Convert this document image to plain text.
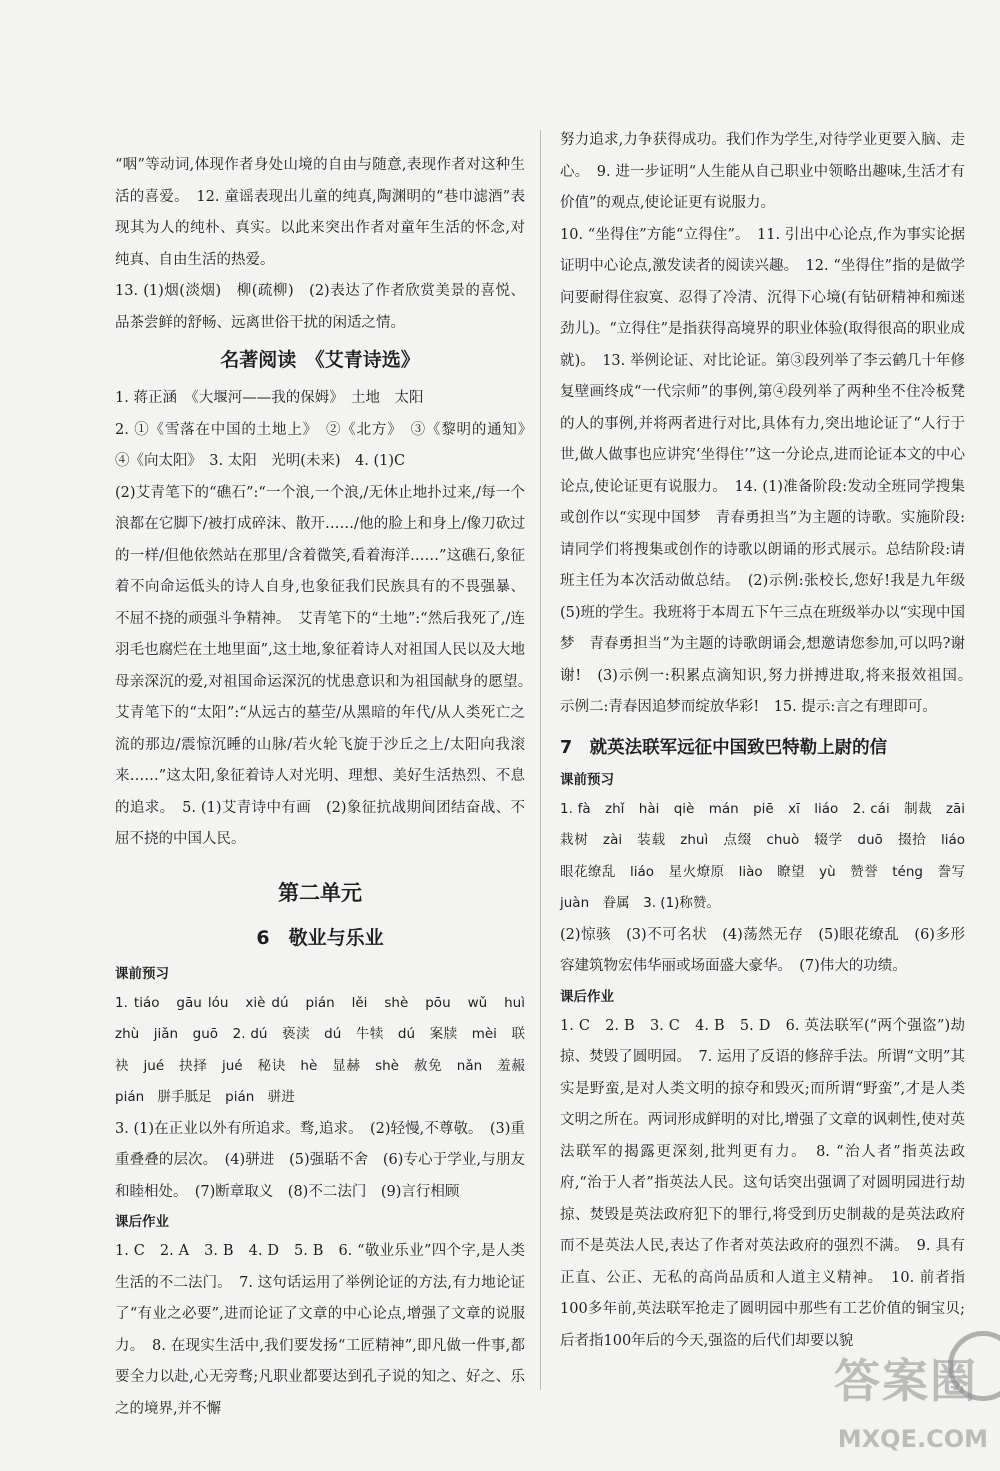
“咽”等动词,体现作者身处山境的自由与随意,表现作者对这种生活的喜爱。　12. 童谣表现出儿童的纯真,陶渊明的“巷巾滤酒”表现其为人的纯朴、真实。以此来突出作者对童年生活的怀念,对纯真、自由生活的热爱。

13. (1)烟(淡烟)　柳(疏柳)　(2)表达了作者欣赏美景的喜悦、品茶尝鲜的舒畅、远离世俗干扰的闲适之情。

名著阅读　《艾青诗选》

1. 蒋正涵　《大堰河——我的保姆》　土地　太阳

2. ①《雪落在中国的土地上》　②《北方》　③《黎明的通知》　④《向太阳》　3. 太阳　光明(未来)　4. (1)C

(2)艾青笔下的“礁石”:“一个浪,一个浪,/无休止地扑过来,/每一个浪都在它脚下/被打成碎沫、散开……/他的脸上和身上/像刀砍过的一样/但他依然站在那里/含着微笑,看着海洋……”这礁石,象征着不向命运低头的诗人自身,也象征我们民族具有的不畏强暴、不屈不挠的顽强斗争精神。　艾青笔下的“土地”:“然后我死了,/连羽毛也腐烂在土地里面”,这土地,象征着诗人对祖国人民以及大地母亲深沉的爱,对祖国命运深沉的忧患意识和为祖国献身的愿望。　艾青笔下的“太阳”:“从远古的墓茔/从黑暗的年代/从人类死亡之流的那边/震惊沉睡的山脉/若火轮飞旋于沙丘之上/太阳向我滚来……”这太阳,象征着诗人对光明、理想、美好生活热烈、不息的追求。　5. (1)艾青诗中有画　(2)象征抗战期间团结奋战、不屈不挠的中国人民。

第二单元
6　敬业与乐业
课前预习

1. tiáo　gāu lóu　xiè dú　pián　lěi　shè　pōu　wǔ　huì　zhù　jiǎn　guō　2. dú　亵渎　dú　牛犊　dú　案牍　mèi　联袂　jué　抉择　jué　秘诀　hè　显赫　shè　赦免　nǎn　羞赧　pián　胼手胝足　pián　骈进

3. (1)在正业以外有所追求。骛,追求。　(2)轻慢,不尊敬。　(3)重重叠叠的层次。　(4)骈进　(5)强聒不舍　(6)专心于学业,与朋友和睦相处。　(7)断章取义　(8)不二法门　(9)言行相顾

课后作业

1. C　2. A　3. B　4. D　5. B　6. “敬业乐业”四个字,是人类生活的不二法门。　7. 这句话运用了举例论证的方法,有力地论证了“有业之必要”,进而论证了文章的中心论点,增强了文章的说服力。　8. 在现实生活中,我们要发扬“工匠精神”,即凡做一件事,都要全力以赴,心无旁骛;凡职业都要达到孔子说的知之、好之、乐之的境界,并不懈

努力追求,力争获得成功。我们作为学生,对待学业更要入脑、走心。　9. 进一步证明“人生能从自己职业中领略出趣味,生活才有价值”的观点,使论证更有说服力。

10. “坐得住”方能“立得住”。　11. 引出中心论点,作为事实论据证明中心论点,激发读者的阅读兴趣。　12. “坐得住”指的是做学问要耐得住寂寞、忍得了冷清、沉得下心境(有钻研精神和痴迷劲儿)。“立得住”是指获得高境界的职业体验(取得很高的职业成就)。　13. 举例论证、对比论证。第③段列举了李云鹤几十年修复壁画终成“一代宗师”的事例,第④段列举了两种坐不住冷板凳的人的事例,并将两者进行对比,具体有力,突出地论证了“人行于世,做人做事也应讲究‘坐得住’”这一分论点,进而论证本文的中心论点,使论证更有说服力。　14. (1)准备阶段:发动全班同学搜集或创作以“实现中国梦　青春勇担当”为主题的诗歌。实施阶段:请同学们将搜集或创作的诗歌以朗诵的形式展示。总结阶段:请班主任为本次活动做总结。　(2)示例:张校长,您好!我是九年级(5)班的学生。我班将于本周五下午三点在班级举办以“实现中国梦　青春勇担当”为主题的诗歌朗诵会,想邀请您参加,可以吗?谢谢!　(3)示例一:积累点滴知识,努力拼搏进取,将来报效祖国。　示例二:青春因追梦而绽放华彩!　15. 提示:言之有理即可。

7　就英法联军远征中国致巴特勒上尉的信
课前预习

1. fà　zhǐ　hài　qiè　mán　piē　xī　liáo　2. cái　制裁　zāi　栽树　zài　装载　zhuì　点缀　chuò　辍学　duō　掇拾　liáo　眼花缭乱　liáo　星火燎原　liào　瞭望　yù　赞誉　téng　誊写　juàn　眷属　3. (1)称赞。

(2)惊骇　(3)不可名状　(4)荡然无存　(5)眼花缭乱　(6)多形容建筑物宏伟华丽或场面盛大豪华。　(7)伟大的功绩。

课后作业

1. C　2. B　3. C　4. B　5. D　6. 英法联军(“两个强盗”)劫掠、焚毁了圆明园。　7. 运用了反语的修辞手法。所谓“文明”其实是野蛮,是对人类文明的掠夺和毁灭;而所谓“野蛮”,才是人类文明之所在。两词形成鲜明的对比,增强了文章的讽刺性,使对英法联军的揭露更深刻,批判更有力。　8. “治人者”指英法政府,“治于人者”指英法人民。这句话突出强调了对圆明园进行劫掠、焚毁是英法政府犯下的罪行,将受到历史制裁的是英法政府而不是英法人民,表达了作者对英法政府的强烈不满。　9. 具有正直、公正、无私的高尚品质和人道主义精神。　10. 前者指100多年前,英法联军抢走了圆明园中那些有工艺价值的铜宝贝;后者指100年后的今天,强盗的后代们却要以貌

答案圈
MXQE.COM
